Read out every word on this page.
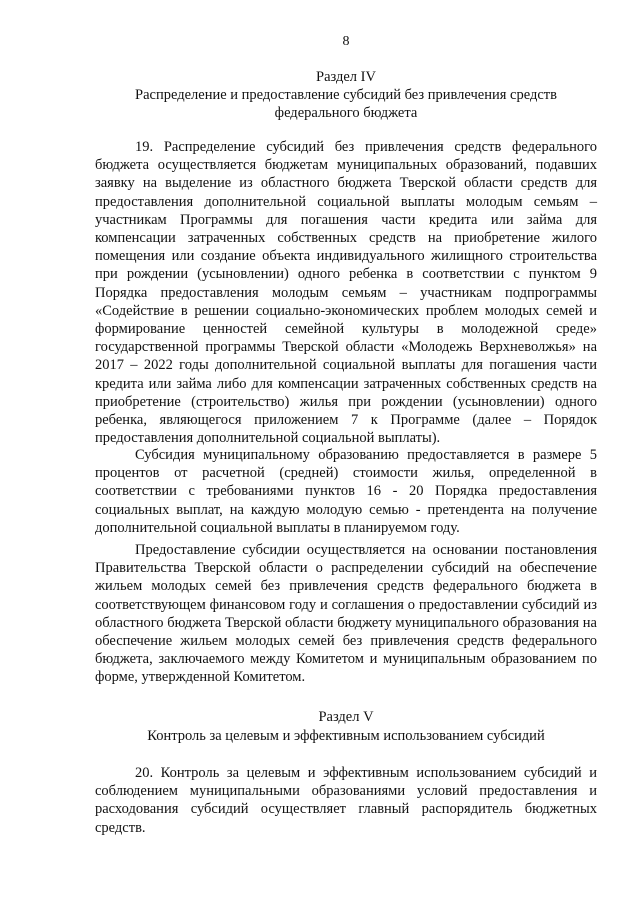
8
Раздел IV
Распределение и предоставление субсидий без привлечения средств
федерального бюджета

19. Распределение субсидий без привлечения средств федерального бюджета осуществляется бюджетам муниципальных образований, подавших заявку на выделение из областного бюджета Тверской области средств для предоставления дополнительной социальной выплаты молодым семьям – участникам Программы для погашения части кредита или займа для компенсации затраченных собственных средств на приобретение жилого помещения или создание объекта индивидуального жилищного строительства при рождении (усыновлении) одного ребенка в соответствии с пунктом 9 Порядка предоставления молодым семьям – участникам подпрограммы «Содействие в решении социально-экономических проблем молодых семей и формирование ценностей семейной культуры в молодежной среде» государственной программы Тверской области «Молодежь Верхневолжья» на 2017 – 2022 годы дополнительной социальной выплаты для погашения части кредита или займа либо для компенсации затраченных собственных средств на приобретение (строительство) жилья при рождении (усыновлении) одного ребенка, являющегося приложением 7 к Программе (далее – Порядок предоставления дополнительной социальной выплаты).

Субсидия муниципальному образованию предоставляется в размере 5 процентов от расчетной (средней) стоимости жилья, определенной в соответствии с требованиями пунктов 16 - 20 Порядка предоставления социальных выплат, на каждую молодую семью - претендента на получение дополнительной социальной выплаты в планируемом году.

Предоставление субсидии осуществляется на основании постановления Правительства Тверской области о распределении субсидий на обеспечение жильем молодых семей без привлечения средств федерального бюджета в соответствующем финансовом году и соглашения о предоставлении субсидий из областного бюджета Тверской области бюджету муниципального образования на обеспечение жильем молодых семей без привлечения средств федерального бюджета, заключаемого между Комитетом и муниципальным образованием по форме, утвержденной Комитетом.

Раздел V
Контроль за целевым и эффективным использованием субсидий

20. Контроль за целевым и эффективным использованием субсидий и соблюдением муниципальными образованиями условий предоставления и расходования субсидий осуществляет главный распорядитель бюджетных средств.
